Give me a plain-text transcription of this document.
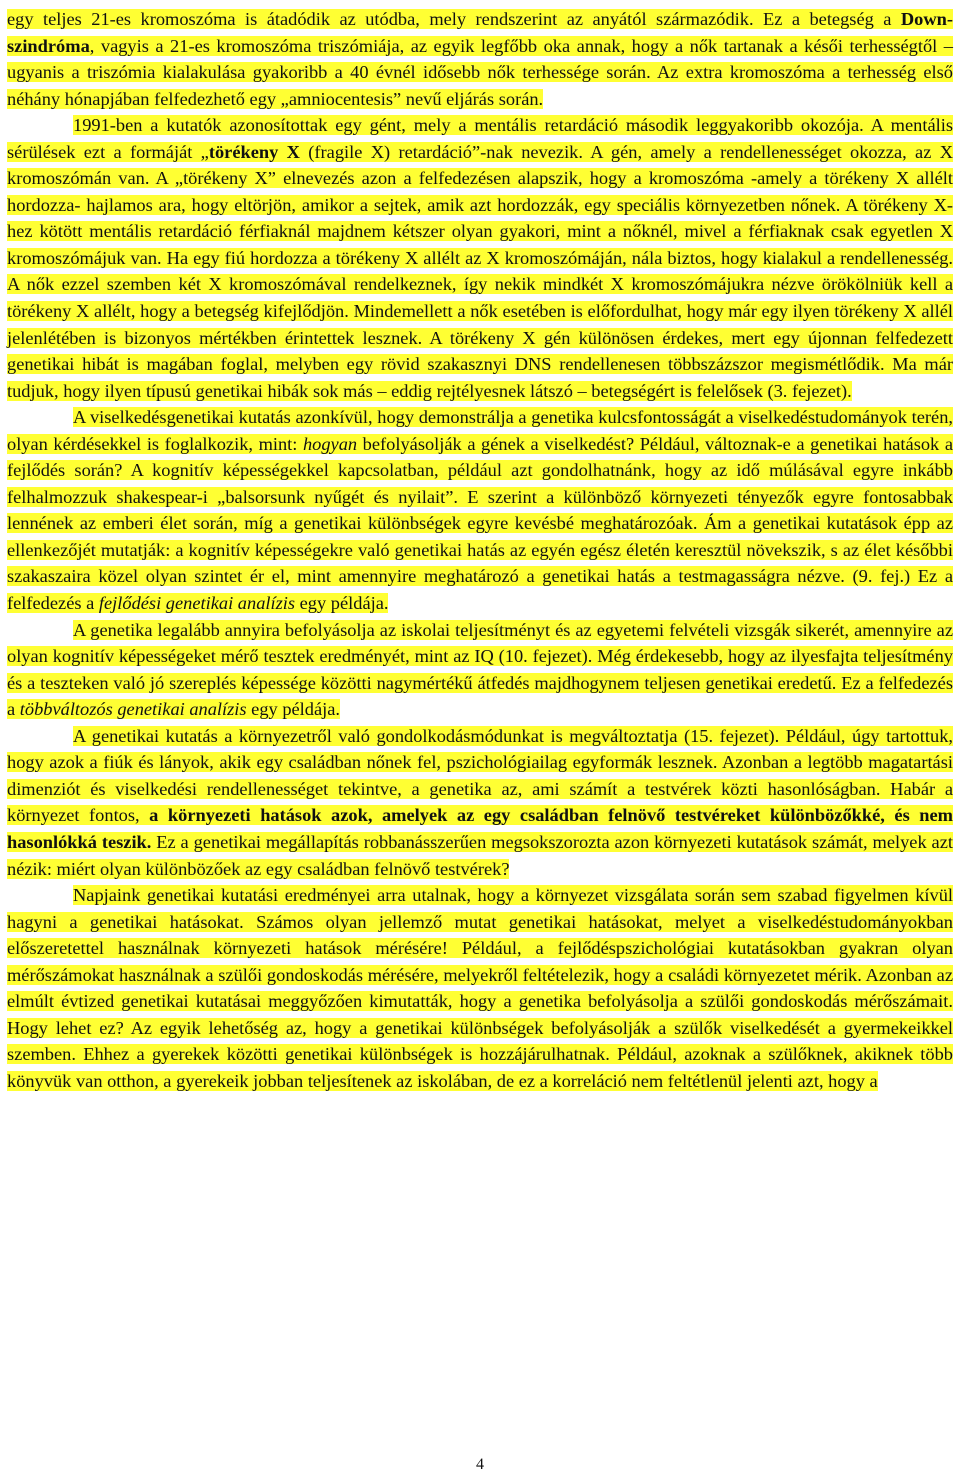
egy teljes 21-es kromoszóma is átadódik az utódba, mely rendszerint az anyától származódik. Ez a betegség a Down-szindróma, vagyis a 21-es kromoszóma triszómiája, az egyik legfőbb oka annak, hogy a nők tartanak a késői terhességtől – ugyanis a triszómia kialakulása gyakoribb a 40 évnél idősebb nők terhessége során. Az extra kromoszóma a terhesség első néhány hónapjában felfedezhető egy „amniocentesis” nevű eljárás során.

1991-ben a kutatók azonosítottak egy gént, mely a mentális retardáció második leggyakoribb okozója. A mentális sérülések ezt a formáját „törékeny X (fragile X) retardáció”-nak nevezik. A gén, amely a rendellenességet okozza, az X kromoszómán van. A „törékeny X” elnevezés azon a felfedezésen alapszik, hogy a kromoszóma -amely a törékeny X allélt hordozza- hajlamos ara, hogy eltörjön, amikor a sejtek, amik azt hordozzák, egy speciális környezetben nőnek. A törékeny X-hez kötött mentális retardáció férfiaknál majdnem kétszer olyan gyakori, mint a nőknél, mivel a férfiaknak csak egyetlen X kromoszómájuk van. Ha egy fiú hordozza a törékeny X allélt az X kromoszómáján, nála biztos, hogy kialakul a rendellenesség. A nők ezzel szemben két X kromoszómával rendelkeznek, így nekik mindkét X kromoszómájukra nézve örökölniük kell a törékeny X allélt, hogy a betegség kifejlődjön. Mindemellett a nők esetében is előfordulhat, hogy már egy ilyen törékeny X allél jelenlétében is bizonyos mértékben érintettek lesznek. A törékeny X gén különösen érdekes, mert egy újonnan felfedezett genetikai hibát is magában foglal, melyben egy rövid szakasznyi DNS rendellenesen többszázszor megismétlődik. Ma már tudjuk, hogy ilyen típusú genetikai hibák sok más – eddig rejtélyesnek látszó – betegségért is felelősek (3. fejezet).

A viselkedésgenetikai kutatás azonkívül, hogy demonstrálja a genetika kulcsfontosságát a viselkedéstudományok terén, olyan kérdésekkel is foglalkozik, mint: hogyan befolyásolják a gének a viselkedést? Például, változnak-e a genetikai hatások a fejlődés során? A kognitív képességekkel kapcsolatban, például azt gondolhatnánk, hogy az idő múlásával egyre inkább felhalmozzuk shakespear-i „balsorsunk nyűgét és nyilait”. E szerint a különböző környezeti tényezők egyre fontosabbak lennének az emberi élet során, míg a genetikai különbségek egyre kevésbé meghatározóak. Ám a genetikai kutatások épp az ellenkezőjét mutatják: a kognitív képességekre való genetikai hatás az egyén egész életén keresztül növekszik, s az élet későbbi szakaszaira közel olyan szintet ér el, mint amennyire meghatározó a genetikai hatás a testmagasságra nézve. (9. fej.) Ez a felfedezés a fejlődési genetikai analízis egy példája.

A genetika legalább annyira befolyásolja az iskolai teljesítményt és az egyetemi felvételi vizsgák sikerét, amennyire az olyan kognitív képességeket mérő tesztek eredményét, mint az IQ (10. fejezet). Még érdekesebb, hogy az ilyesfajta teljesítmény és a teszteken való jó szereplés képessége közötti nagymértékű átfedés majdhogynem teljesen genetikai eredetű. Ez a felfedezés a többváltozós genetikai analízis egy példája.

A genetikai kutatás a környezetről való gondolkodásmódunkat is megváltoztatja (15. fejezet). Például, úgy tartottuk, hogy azok a fiúk és lányok, akik egy családban nőnek fel, pszichológiailag egyformák lesznek. Azonban a legtöbb magatartási dimenziót és viselkedési rendellenességet tekintve, a genetika az, ami számít a testvérek közti hasonlóságban. Habár a környezet fontos, a környezeti hatások azok, amelyek az egy családban felnövő testvéreket különbözőkké, és nem hasonlókká teszik. Ez a genetikai megállapítás robbanásszerűen megsokszorozta azon környezeti kutatások számát, melyek azt nézik: miért olyan különbözőek az egy családban felnövő testvérek?

Napjaink genetikai kutatási eredményei arra utalnak, hogy a környezet vizsgálata során sem szabad figyelmen kívül hagyni a genetikai hatásokat. Számos olyan jellemző mutat genetikai hatásokat, melyet a viselkedéstudományokban előszeretettel használnak környezeti hatások mérésére! Például, a fejlődéspszichológiai kutatásokban gyakran olyan mérőszámokat használnak a szülői gondoskodás mérésére, melyekről feltételezik, hogy a családi környezetet mérik. Azonban az elmúlt évtized genetikai kutatásai meggyőzően kimutatták, hogy a genetika befolyásolja a szülői gondoskodás mérőszámait. Hogy lehet ez? Az egyik lehetőség az, hogy a genetikai különbségek befolyásolják a szülők viselkedését a gyermekeikkel szemben. Ehhez a gyerekek közötti genetikai különbségek is hozzájárulhatnak. Például, azoknak a szülőknek, akiknek több könyvük van otthon, a gyerekeik jobban teljesítenek az iskolában, de ez a korreláció nem feltétlenül jelenti azt, hogy a

4
